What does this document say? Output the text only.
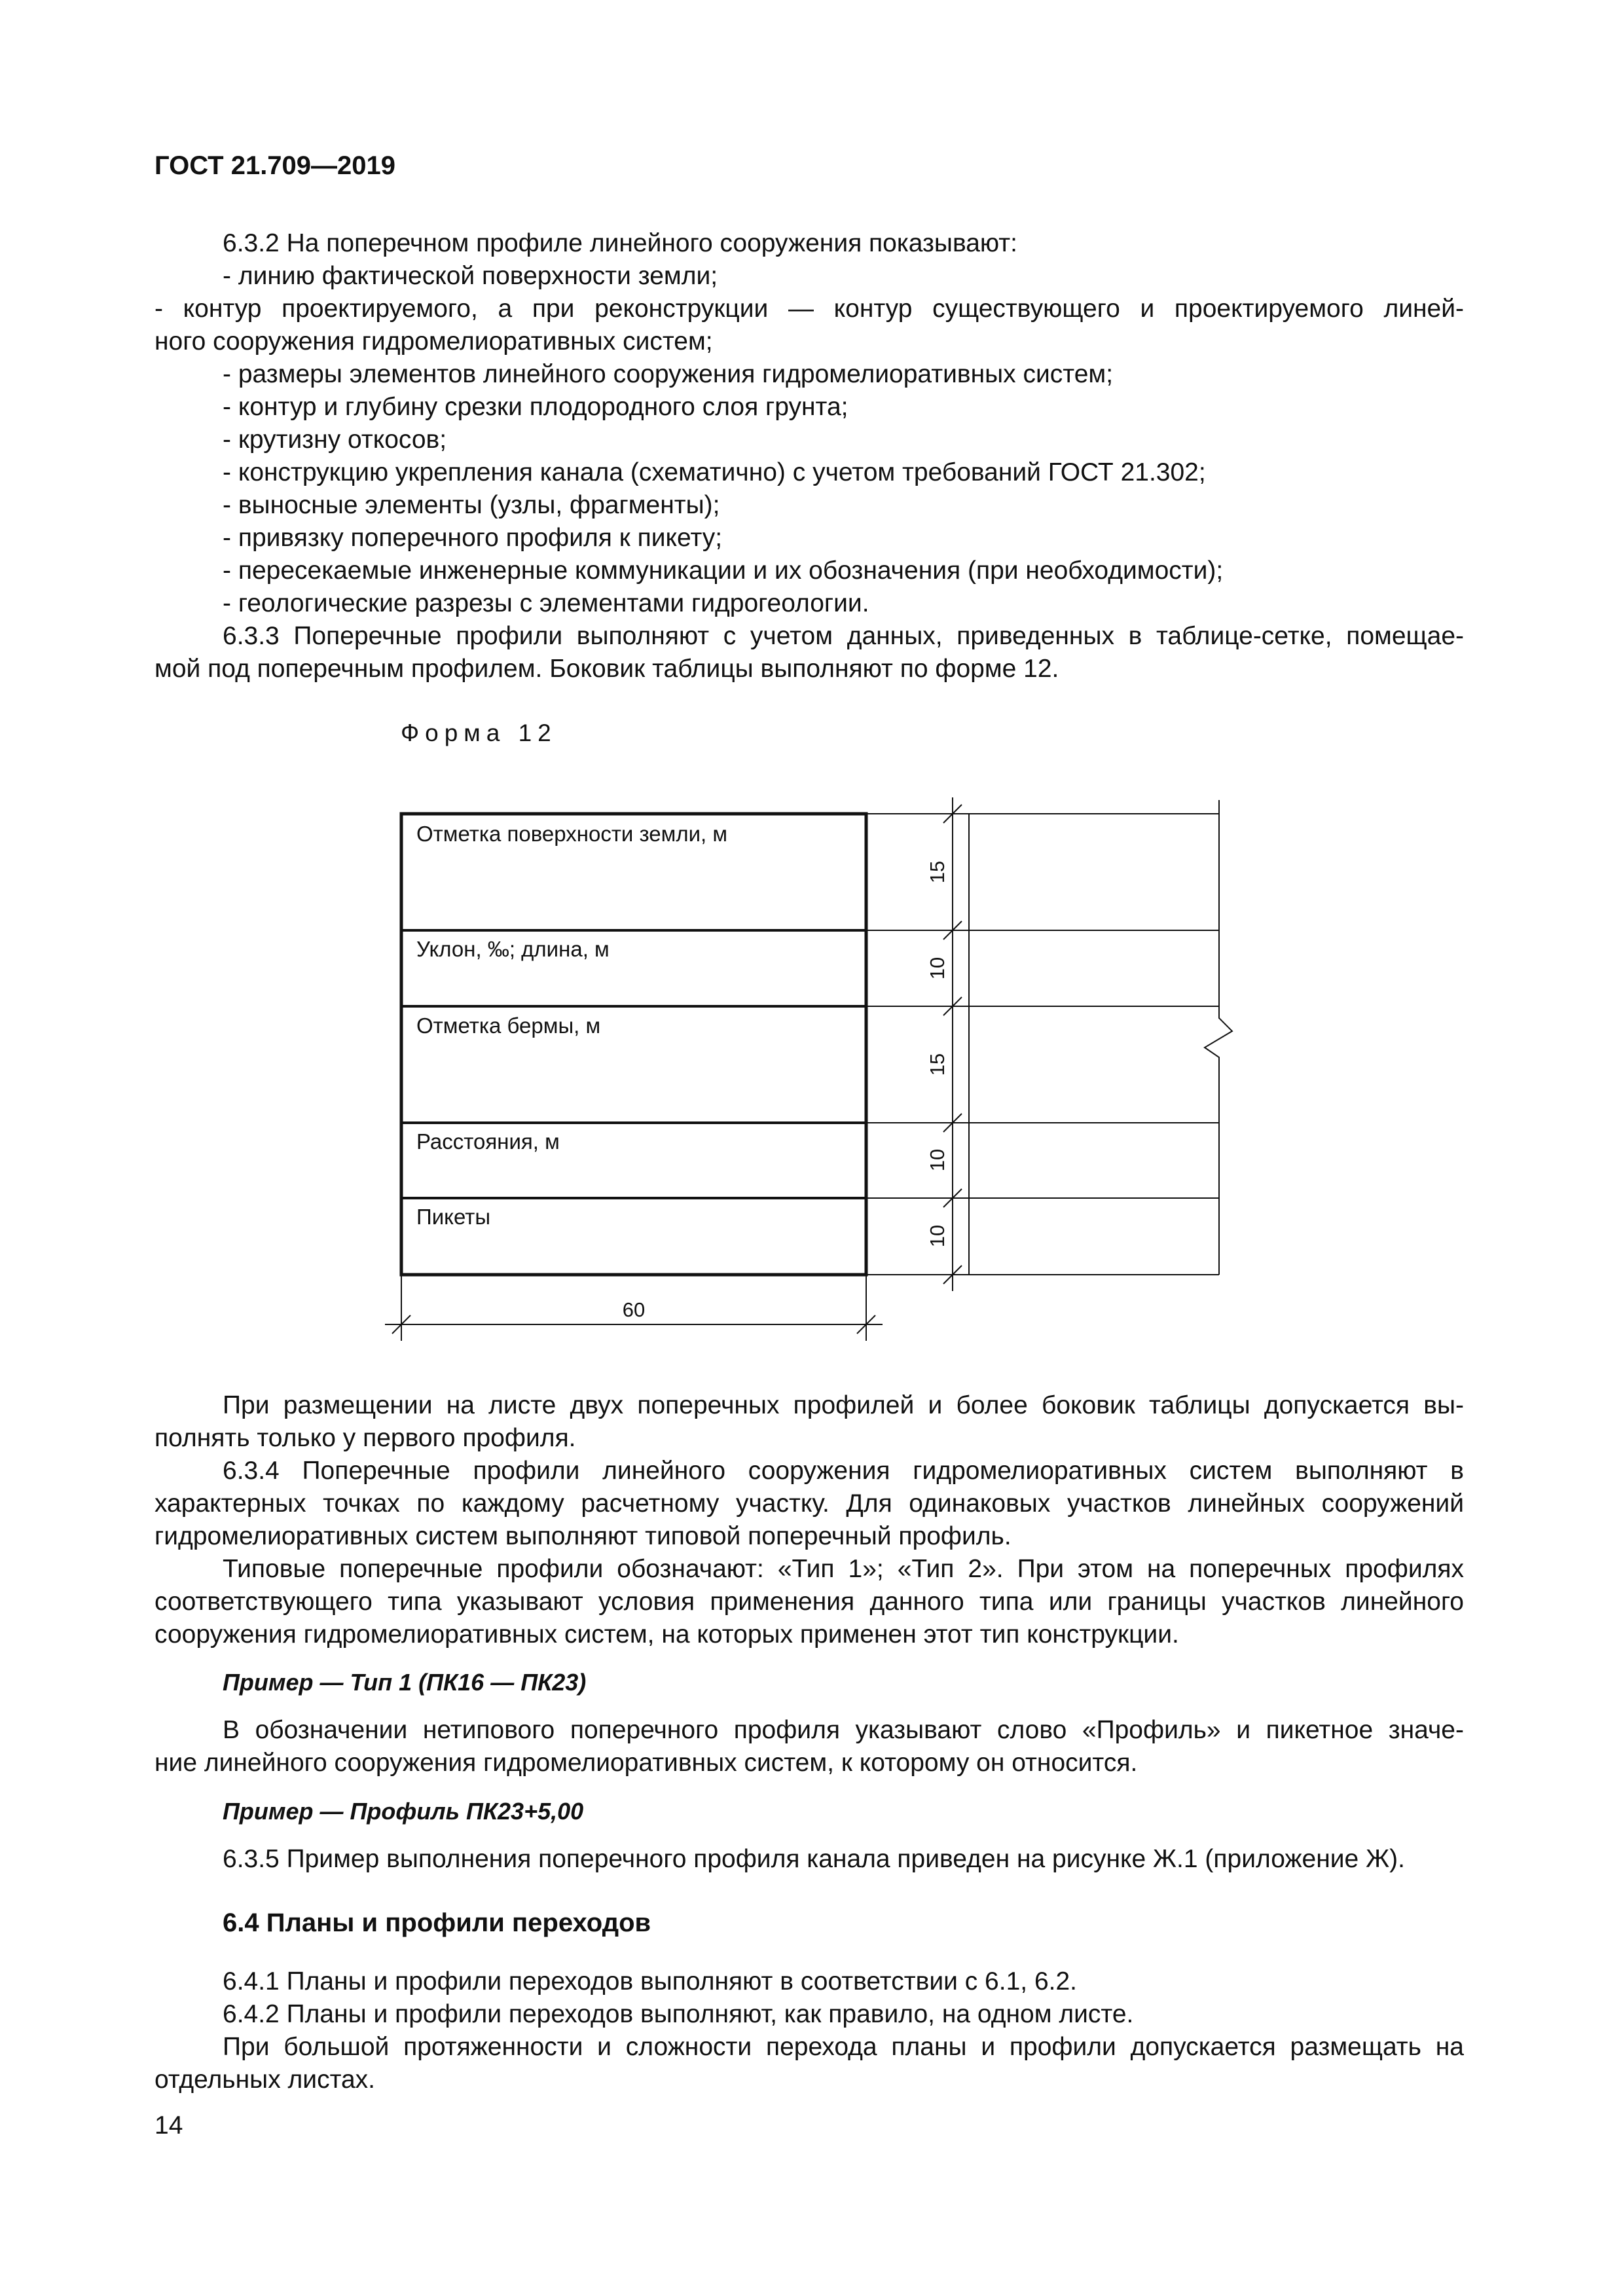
ГОСТ 21.709—2019

6.3.2 На поперечном профиле линейного сооружения показывают:

- линию фактической поверхности земли;

- контур проектируемого, а при реконструкции — контур существующего и проектируемого линей-

ного сооружения гидромелиоративных систем;

- размеры элементов линейного сооружения гидромелиоративных систем;

- контур и глубину срезки плодородного слоя грунта;

- крутизну откосов;

- конструкцию укрепления канала (схематично) с учетом требований ГОСТ 21.302;

- выносные элементы (узлы, фрагменты);

- привязку поперечного профиля к пикету;

- пересекаемые инженерные коммуникации и их обозначения (при необходимости);

- геологические разрезы с элементами гидрогеологии.

6.3.3 Поперечные профили выполняют с учетом данных, приведенных в таблице-сетке, помещае-

мой под поперечным профилем. Боковик таблицы выполняют по форме 12.

Форма 12

Отметка поверхности земли, м
Уклон, ‰; длина, м
Отметка бермы, м
Расстояния, м
Пикеты
15
10
15
10
10
60

При размещении на листе двух поперечных профилей и более боковик таблицы допускается вы-

полнять только у первого профиля.

6.3.4 Поперечные профили линейного сооружения гидромелиоративных систем выполняют в

характерных точках по каждому расчетному участку. Для одинаковых участков линейных сооружений

гидромелиоративных систем выполняют типовой поперечный профиль.

Типовые поперечные профили обозначают: «Тип 1»; «Тип 2». При этом на поперечных профилях

соответствующего типа указывают условия применения данного типа или границы участков линейного

сооружения гидромелиоративных систем, на которых применен этот тип конструкции.

Пример — Тип 1 (ПК16 — ПК23)

В обозначении нетипового поперечного профиля указывают слово «Профиль» и пикетное значе-

ние линейного сооружения гидромелиоративных систем, к которому он относится.

Пример — Профиль ПК23+5,00

6.3.5 Пример выполнения поперечного профиля канала приведен на рисунке Ж.1 (приложение Ж).

6.4 Планы и профили переходов

6.4.1 Планы и профили переходов выполняют в соответствии с 6.1, 6.2.

6.4.2 Планы и профили переходов выполняют, как правило, на одном листе.

При большой протяженности и сложности перехода планы и профили допускается размещать на

отдельных листах.

14
